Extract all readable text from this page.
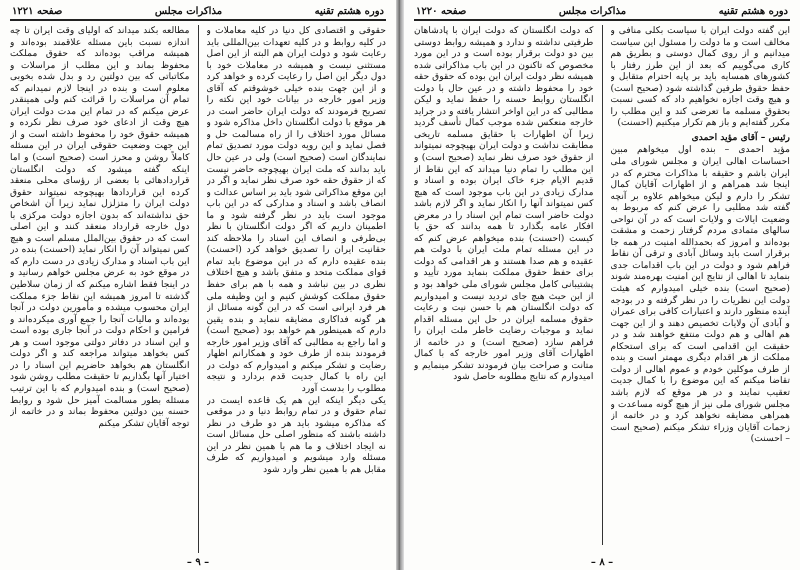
دوره هشتم تقنیه
مذاکرات مجلس
صفحه ۱۲۲۰

این گفته دولت ایران با سیاست بکلی منافی و مخالف است و ما دولت را مسئول این سیاست میدانیم و از روی کمال دوستی و بطریق هم کاری می‌گوییم که بعد از این طرز رفتار با کشورهای همسایه باید بر پایه احترام متقابل و حفظ حقوق طرفین گذاشته شود (صحیح است) و هیچ وقت اجازه نخواهیم داد که کسی نسبت بحقوق مسلمه ما تعرضی کند و این مطلب را مکرر گفته‌ایم و باز هم تکرار میکنیم (احسنت)

رئیس – آقای مؤید احمدی

مؤید احمدی – بنده اول میخواهم مبین احساسات اهالی ایران و مجلس شورای ملی ایران باشم و حقیقه با مذاکرات محترم که در اینجا شد همراهم و از اظهارات آقایان کمال تشکر را دارم و لیکن میخواهم علاوه بر آنچه گفته شد مطلبی را عرض کنم که مربوط به وضعیت ایالات و ولایات است که در آن نواحی سالهای متمادی مردم گرفتار زحمت و مشقت بوده‌اند و امروز که بحمدالله امنیت در همه جا برقرار است باید وسائل آبادی و ترقی آن نقاط فراهم شود و دولت در این باب اقدامات جدی بنماید تا اهالی از نتایج این امنیت بهره‌مند شوند (صحیح است) بنده خیلی امیدوارم که هیئت دولت این نظریات را در نظر گرفته و در بودجه آینده منظور دارند و اعتبارات کافی برای عمران و آبادی آن ولایات تخصیص دهند و از این جهت هم اهالی و هم دولت منتفع خواهند شد و در حقیقت این اقدامی است که برای استحکام مملکت از هر اقدام دیگری مهمتر است و بنده از طرف موکلین خودم و عموم اهالی از دولت تقاضا میکنم که این موضوع را با کمال جدیت تعقیب نمایند و در هر موقع که لازم باشد مجلس شورای ملی نیز از هیچ گونه مساعدت و همراهی مضایقه نخواهد کرد و در خاتمه از زحمات آقایان وزراء تشکر میکنم (صحیح است – احسنت)

که دولت انگلستان که دولت ایران با پادشاهان طرفیتی نداشته و ندارد و همیشه روابط دوستی بین دو دولت برقرار بوده است و در این مورد مخصوص که تاکنون در این باب مذاکراتی شده همیشه نظر دولت ایران این بوده که حقوق حقه خود را محفوظ داشته و در عین حال با دولت انگلستان روابط حسنه را حفظ نماید و لیکن مطالبی که در این اواخر انتشار یافته و در جراید خارجه منعکس شده موجب کمال تأسف گردید زیرا آن اظهارات با حقایق مسلمه تاریخی مطابقت نداشت و دولت ایران بهیچوجه نمیتواند از حقوق خود صرف نظر نماید (صحیح است) و این مطلب را تمام دنیا میداند که این نقاط از قدیم الایام جزء خاک ایران بوده و اسناد و مدارک زیادی در این باب موجود است که هیچ کس نمیتواند آنها را انکار نماید و اگر لازم باشد دولت حاضر است تمام این اسناد را در معرض افکار عامه بگذارد تا همه بدانند که حق با کیست (احسنت) بنده میخواهم عرض کنم که در این مسئله تمام ملت ایران با دولت هم عقیده و هم صدا هستند و هر اقدامی که دولت برای حفظ حقوق مملکت بنماید مورد تأیید و پشتیبانی کامل مجلس شورای ملی خواهد بود و از این حیث هیچ جای تردید نیست و امیدواریم که دولت انگلستان هم با حسن نیت و رعایت حقوق مسلمه ایران در حل این مسئله اقدام نماید و موجبات رضایت خاطر ملت ایران را فراهم سازد (صحیح است) و در خاتمه از اظهارات آقای وزیر امور خارجه که با کمال متانت و صراحت بیان فرمودند تشکر مینمایم و امیدوارم که نتایج مطلوبه حاصل شود

– ۸ –
دوره هشتم تقنیه
مذاکرات مجلس
صفحه ۱۲۲۱

حقوقی و اقتصادی کل دنیا در کلیه معاملات و در کلیه روابط و در کلیه تعهدات بین‌المللی باید رعایت شود و دولت ایران هم البته از این اصل مستثنی نیست و همیشه در معاملات خود با دول دیگر این اصل را رعایت کرده و خواهد کرد و از این جهت بنده خیلی خوشوقتم که آقای وزیر امور خارجه در بیانات خود این نکته را تصریح فرمودند که دولت ایران حاضر است در هر موقع با دولت انگلستان داخل مذاکره شود و مسائل مورد اختلاف را از راه مسالمت حل و فصل نماید و این رویه دولت مورد تصدیق تمام نمایندگان است (صحیح است) ولی در عین حال باید بدانند که ملت ایران بهیچوجه حاضر نیست که از حقوق حقه خود صرف نظر نماید و اگر در این موقع مذاکراتی شود باید بر اساس عدالت و انصاف باشد و اسناد و مدارکی که در این باب موجود است باید در نظر گرفته شود و ما اطمینان داریم که اگر دولت انگلستان با نظر بی‌طرفی و انصاف این اسناد را ملاحظه کند حقانیت ایران را تصدیق خواهد کرد (احسنت) بنده عقیده دارم که در این موضوع باید تمام قوای مملکت متحد و متفق باشد و هیچ اختلاف نظری در بین نباشد و همه با هم برای حفظ حقوق مملکت کوشش کنیم و این وظیفه ملی هر فرد ایرانی است که در این گونه مسائل از هر گونه فداکاری مضایقه ننماید و بنده یقین دارم که همینطور هم خواهد بود (صحیح است) و اما راجع به مطالبی که آقای وزیر امور خارجه فرمودند بنده از طرف خود و همکارانم اظهار رضایت و تشکر میکنم و امیدوارم که دولت در این راه با کمال جدیت قدم بردارد و نتیجه مطلوب را بدست آورد

یکی دیگر اینکه این هم یک قاعده ایست در تمام حقوق و در تمام روابط دنیا و در موقعی که مذاکره میشود باید هر دو طرف در نظر داشته باشند که منظور اصلی حل مسائل است نه ایجاد اختلاف و ما هم با همین نظر در این مسئله وارد میشویم و امیدواریم که طرف مقابل هم با همین نظر وارد شود

مطالعه بکند میداند که اولیای وقت ایران تا چه اندازه نسبت باین مسئله علاقمند بوده‌اند و همیشه مراقب بوده‌اند که حقوق مملکت محفوظ بماند و این مطلب از مراسلات و مکاتباتی که بین دولتین رد و بدل شده بخوبی معلوم است و بنده در اینجا لازم نمیدانم که تمام آن مراسلات را قرائت کنم ولی همینقدر عرض میکنم که در تمام این مدت دولت ایران هیچ وقت از ادعای خود صرف نظر نکرده و همیشه حقوق خود را محفوظ داشته است و از این جهت وضعیت حقوقی ایران در این مسئله کاملاً روشن و محرز است (صحیح است) و اما اینکه گفته میشود که دولت انگلستان قراردادهائی با بعضی از رؤسای محلی منعقد کرده این قراردادها بهیچوجه نمیتواند حقوق دولت ایران را متزلزل نماید زیرا آن اشخاص حق نداشته‌اند که بدون اجازه دولت مرکزی با دول خارجه قرارداد منعقد کنند و این اصلی است که در حقوق بین‌الملل مسلم است و هیچ کس نمیتواند آن را انکار نماید (احسنت) بنده در این باب اسناد و مدارک زیادی در دست دارم که در موقع خود به عرض مجلس خواهم رسانید و در اینجا فقط اشاره میکنم که از زمان سلاطین گذشته تا امروز همیشه این نقاط جزء مملکت ایران محسوب میشده و مأمورین دولت در آنجا بوده‌اند و مالیات آنجا را جمع آوری میکرده‌اند و فرامین و احکام دولت در آنجا جاری بوده است و این اسناد در دفاتر دولتی موجود است و هر کس بخواهد میتواند مراجعه کند و اگر دولت انگلستان هم بخواهد حاضریم این اسناد را در اختیار آنها بگذاریم تا حقیقت مطلب روشن شود (صحیح است) و بنده امیدوارم که با این ترتیب مسئله بطور مسالمت آمیز حل شود و روابط حسنه بین دولتین محفوظ بماند و در خاتمه از توجه آقایان تشکر میکنم

– ۹ –
